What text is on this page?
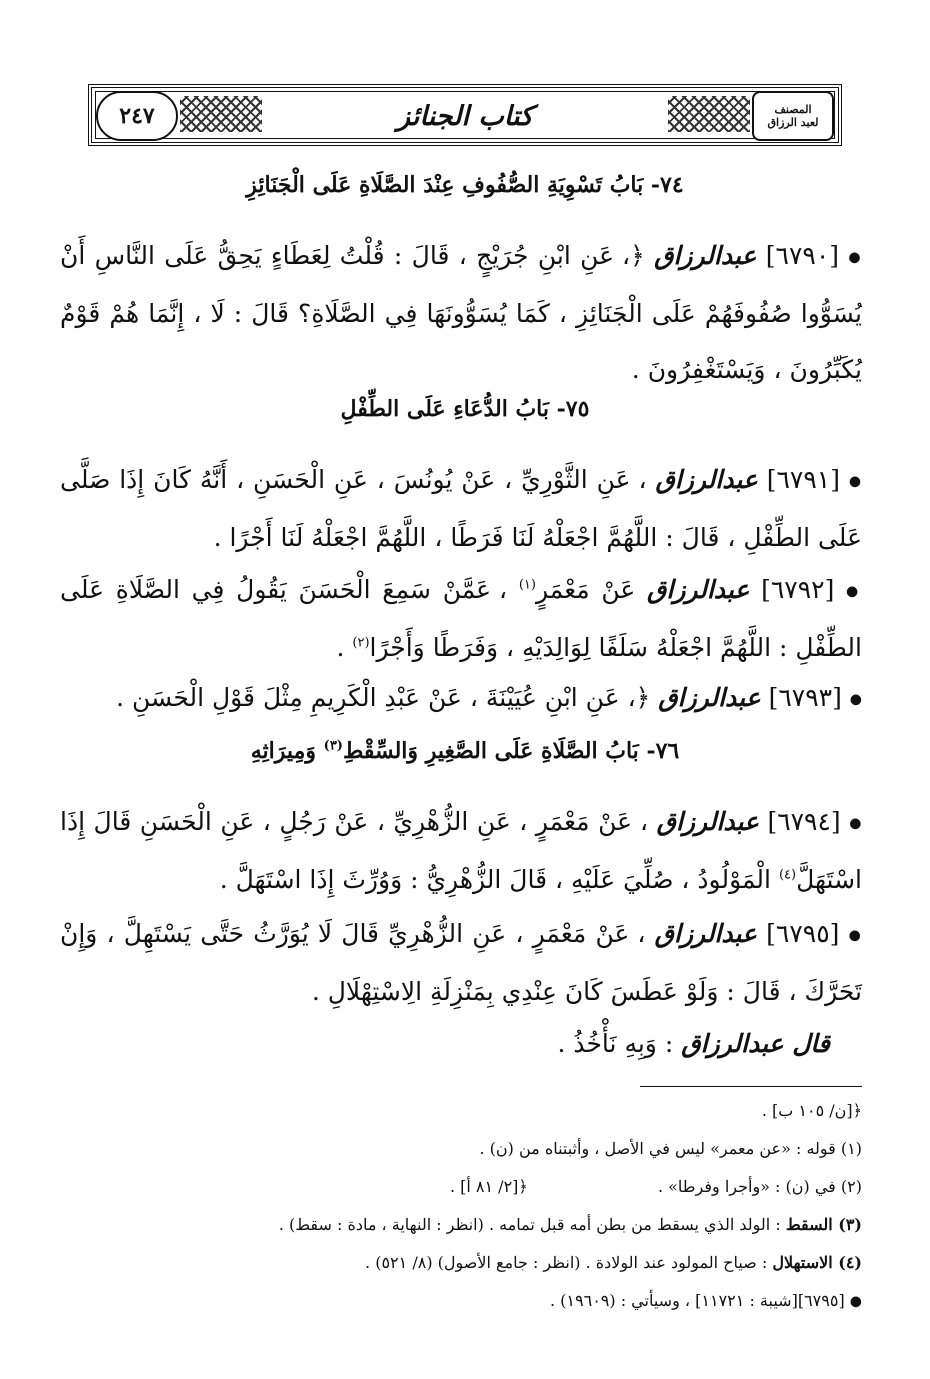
المصنف
لعبد الرزاق
كتاب الجنائز
٢٤٧
٧٤- بَابُ تَسْوِيَةِ الصُّفُوفِ عِنْدَ الصَّلَاةِ عَلَى الْجَنَائِزِ
● [٦٧٩٠] عبدالرزاق ﴿، عَنِ ابْنِ جُرَيْجٍ ، قَالَ : قُلْتُ لِعَطَاءٍ يَحِقُّ عَلَى النَّاسِ أَنْ يُسَوُّوا صُفُوفَهُمْ عَلَى الْجَنَائِزِ ، كَمَا يُسَوُّونَهَا فِي الصَّلَاةِ؟ قَالَ : لَا ، إِنَّمَا هُمْ قَوْمٌ يُكَبِّرُونَ ، وَيَسْتَغْفِرُونَ .
٧٥- بَابُ الدُّعَاءِ عَلَى الطِّفْلِ
● [٦٧٩١] عبدالرزاق ، عَنِ الثَّوْرِيِّ ، عَنْ يُونُسَ ، عَنِ الْحَسَنِ ، أَنَّهُ كَانَ إِذَا صَلَّى عَلَى الطِّفْلِ ، قَالَ : اللَّهُمَّ اجْعَلْهُ لَنَا فَرَطًا ، اللَّهُمَّ اجْعَلْهُ لَنَا أَجْرًا .
● [٦٧٩٢] عبدالرزاق عَنْ مَعْمَرٍ$^{(١)}$ ، عَمَّنْ سَمِعَ الْحَسَنَ يَقُولُ فِي الصَّلَاةِ عَلَى الطِّفْلِ : اللَّهُمَّ اجْعَلْهُ سَلَفًا لِوَالِدَيْهِ ، وَفَرَطًا وَأَجْرًا$^{(٢)}$ .
● [٦٧٩٣] عبدالرزاق ﴿، عَنِ ابْنِ عُيَيْنَةَ ، عَنْ عَبْدِ الْكَرِيمِ مِثْلَ قَوْلِ الْحَسَنِ .
٧٦- بَابُ الصَّلَاةِ عَلَى الصَّغِيرِ وَالسِّقْطِ$^{(٣)}$ وَمِيرَاثِهِ
● [٦٧٩٤] عبدالرزاق ، عَنْ مَعْمَرٍ ، عَنِ الزُّهْرِيِّ ، عَنْ رَجُلٍ ، عَنِ الْحَسَنِ قَالَ إِذَا اسْتَهَلَّ$^{(٤)}$ الْمَوْلُودُ ، صُلِّيَ عَلَيْهِ ، قَالَ الزُّهْرِيُّ : وَوُرِّثَ إِذَا اسْتَهَلَّ .
● [٦٧٩٥] عبدالرزاق ، عَنْ مَعْمَرٍ ، عَنِ الزُّهْرِيِّ قَالَ لَا يُوَرَّثُ حَتَّى يَسْتَهِلَّ ، وَإِنْ تَحَرَّكَ ، قَالَ : وَلَوْ عَطَسَ كَانَ عِنْدِي بِمَنْزِلَةِ الِاسْتِهْلَالِ .
قال عبدالرزاق : وَبِهِ نَأْخُذُ .
﴿[ن/ ١٠٥ ب] .
(١) قوله : «عن معمر» ليس في الأصل ، وأثبتناه من (ن) .
(٢) في (ن) : «وأجرا وفرطا» .  ﴿[٢/ ٨١ أ] .
(٣) السقط : الولد الذي يسقط من بطن أمه قبل تمامه . (انظر : النهاية ، مادة : سقط) .
(٤) الاستهلال : صياح المولود عند الولادة . (انظر : جامع الأصول) (٨/ ٥٢١) .
● [٦٧٩٥][شيبة : ١١٧٢١] ، وسيأتي : (١٩٦٠٩) .
